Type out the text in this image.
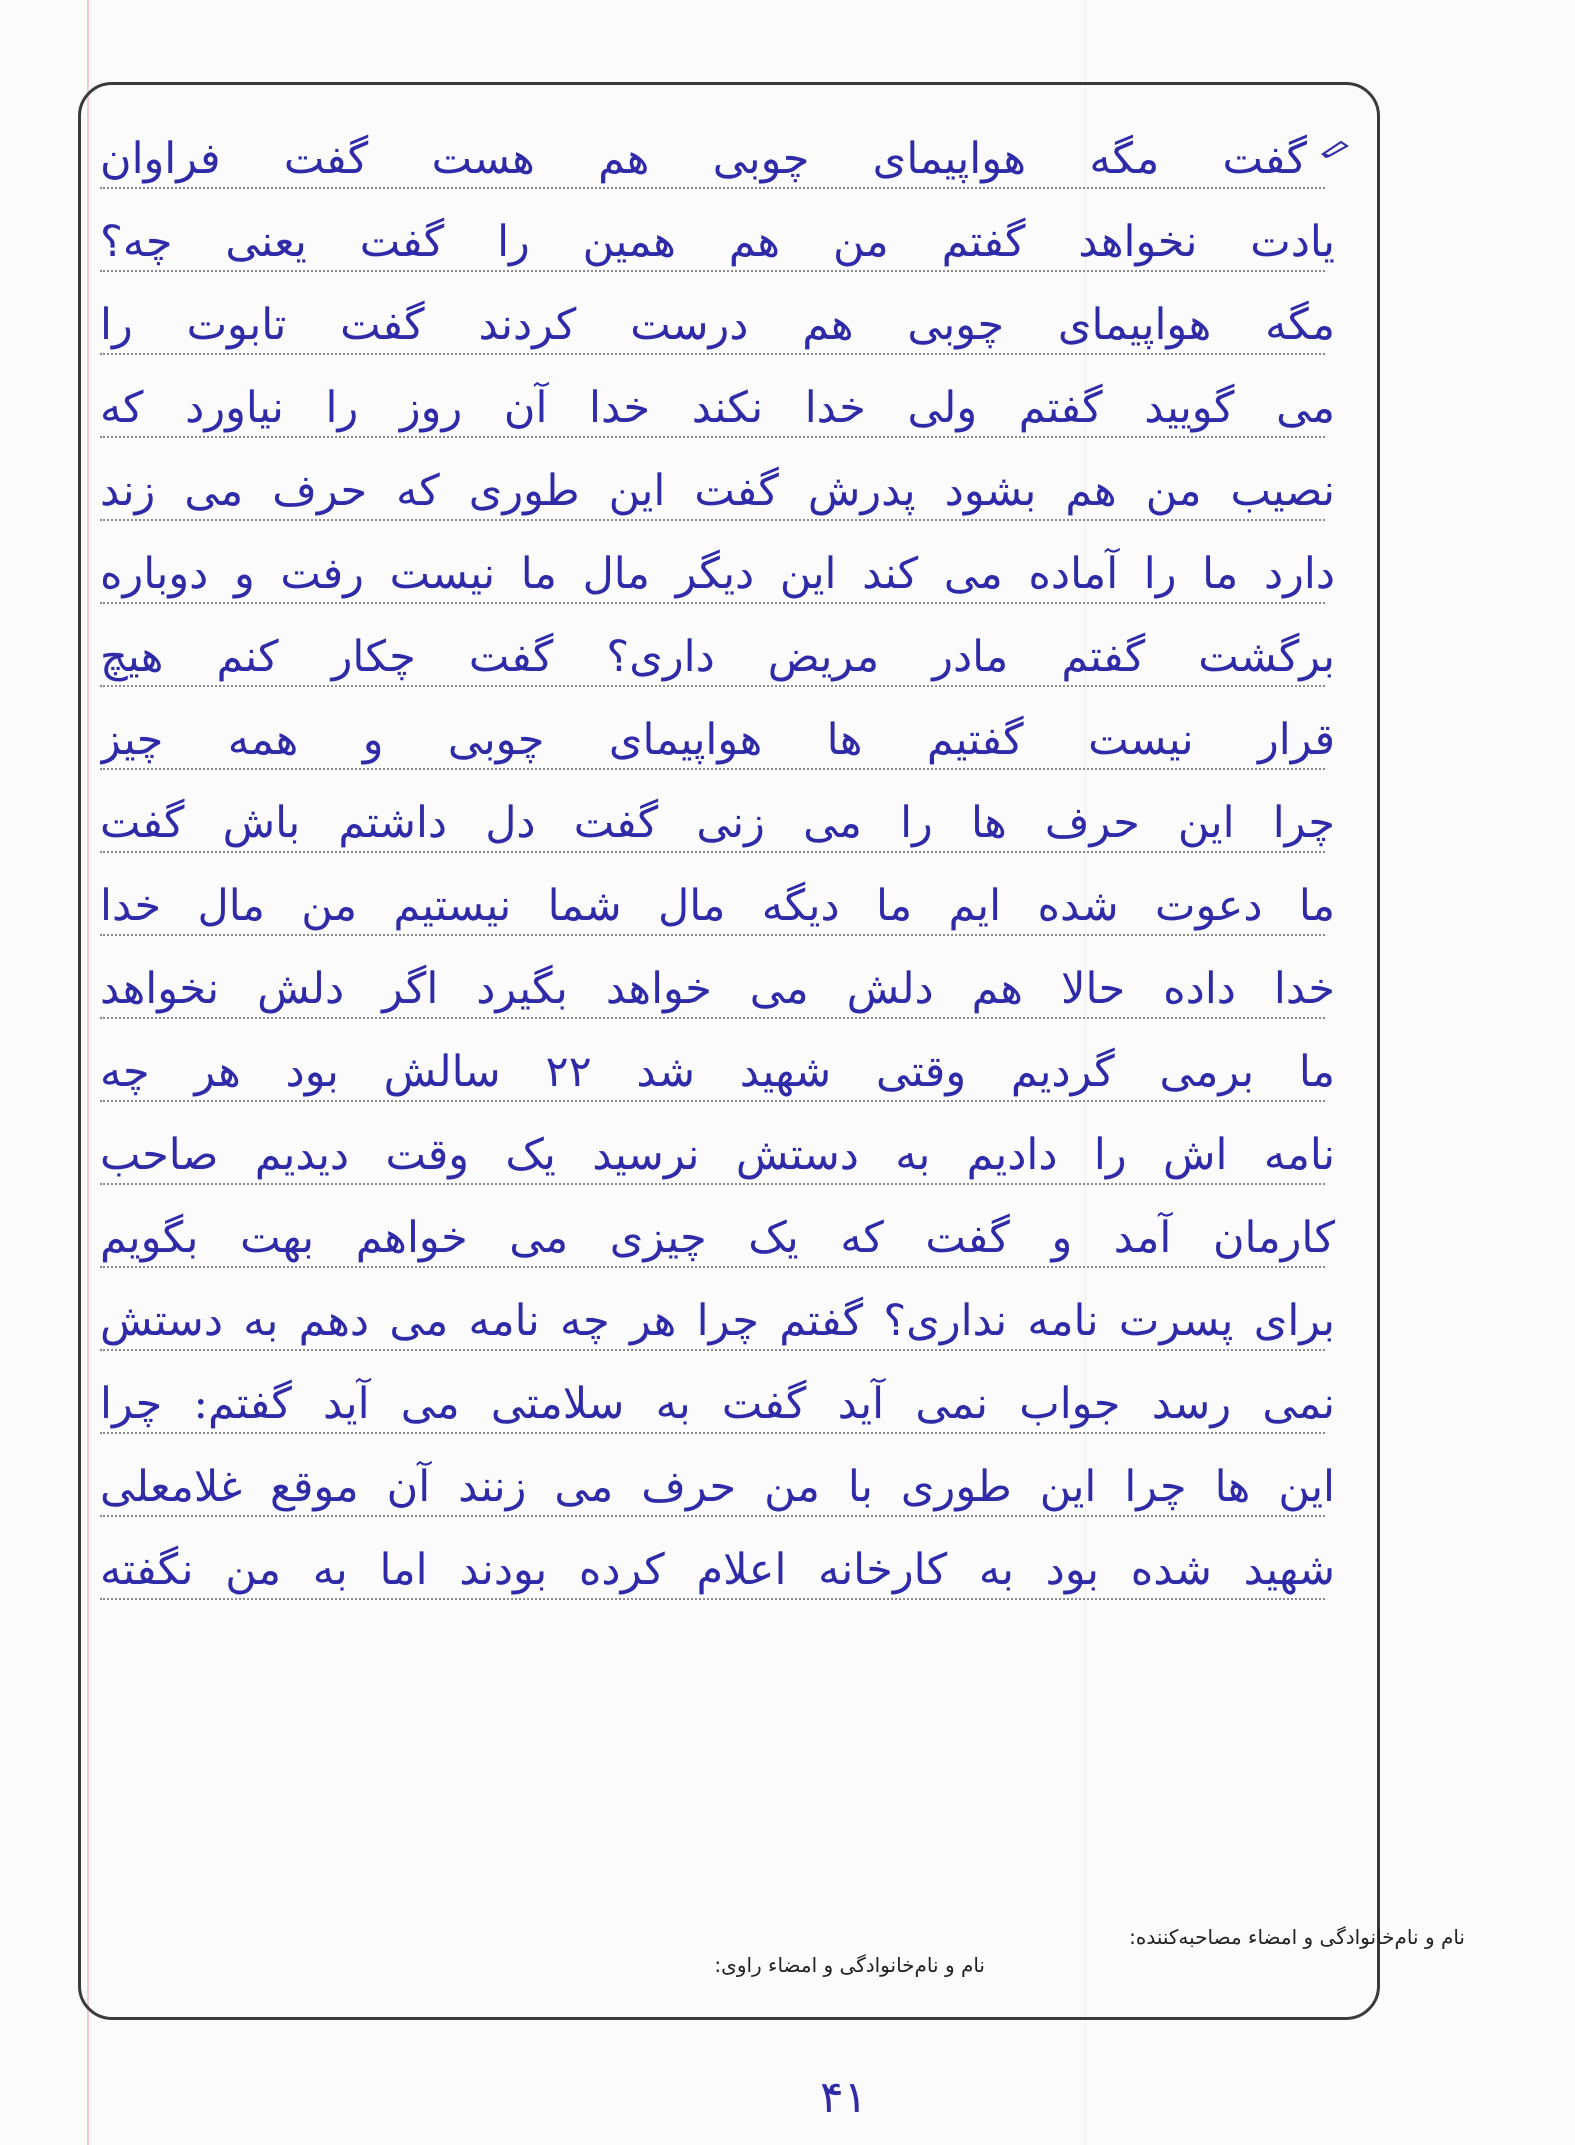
گفت مگه هواپیمای چوبی هم هست گفت فراوان
یادت نخواهد گفتم من هم همین را گفت یعنی چه؟
مگه هواپیمای چوبی هم درست کردند گفت تابوت را
می گویید گفتم ولی خدا نکند خدا آن روز را نیاورد که
نصیب من هم بشود پدرش گفت این طوری که حرف می زند
دارد ما را آماده می کند این دیگر مال ما نیست رفت و دوباره
برگشت گفتم مادر مریض داری؟ گفت چکار کنم هیچ
قرار نیست گفتیم ها هواپیمای چوبی و همه چیز
چرا این حرف ها را می زنی گفت دل داشتم باش گفت
ما دعوت شده ایم ما دیگه مال شما نیستیم من مال خدا
خدا داده حالا هم دلش می خواهد بگیرد اگر دلش نخواهد
ما برمی گردیم وقتی شهید شد ۲۲ سالش بود هر چه
نامه اش را دادیم به دستش نرسید یک وقت دیدیم صاحب
کارمان آمد و گفت که یک چیزی می خواهم بهت بگویم
برای پسرت نامه نداری؟ گفتم چرا هر چه نامه می دهم به دستش
نمی رسد جواب نمی آید گفت به سلامتی می آید گفتم: چرا
این ها چرا این طوری با من حرف می زنند آن موقع غلامعلی
شهید شده بود به کارخانه اعلام کرده بودند اما به من نگفته
نام و نام‌خانوادگی و امضاء مصاحبه‌کننده:
نام و نام‌خانوادگی و امضاء راوی:
۴۱
